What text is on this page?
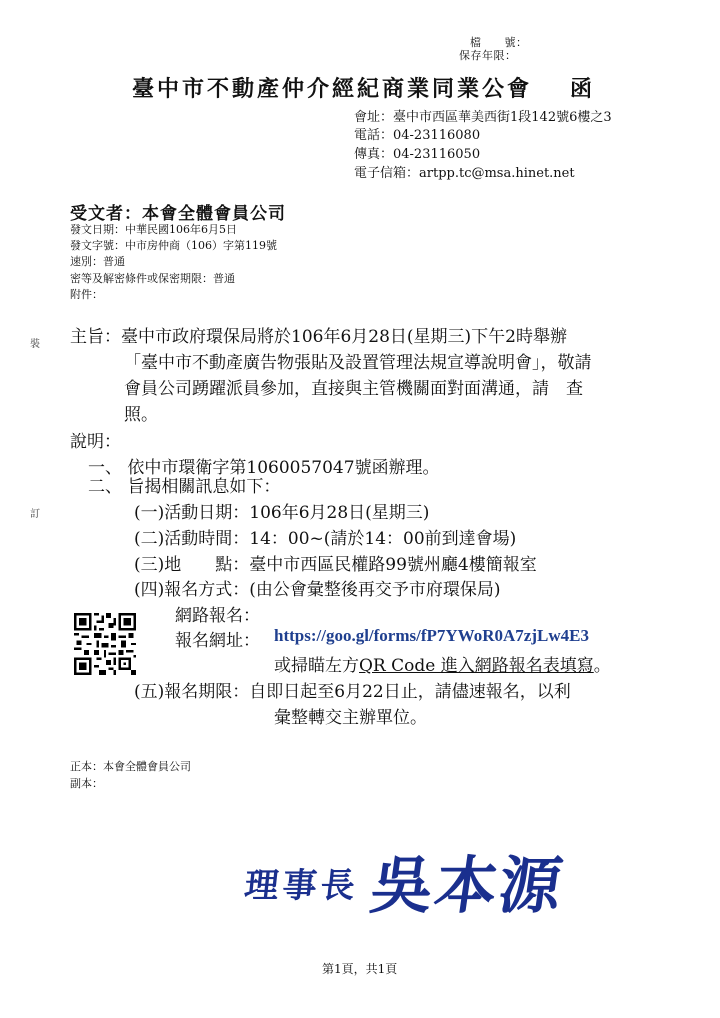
檔　　號：
保存年限：
臺中市不動產仲介經紀商業同業公會 函
會址：臺中市西區華美西街1段142號6樓之3
電話：04-23116080
傳真：04-23116050
電子信箱：artpp.tc@msa.hinet.net
受文者：本會全體會員公司
發文日期：中華民國106年6月5日
發文字號：中市房仲商（106）字第119號
速別：普通
密等及解密條件或保密期限：普通
附件：
裝
訂
主旨：臺中市政府環保局將於106年6月28日(星期三)下午2時舉辦
「臺中市不動產廣告物張貼及設置管理法規宣導說明會」，敬請
會員公司踴躍派員參加，直接與主管機關面對面溝通，請　查
照。
說明：
一、 依中市環衛字第1060057047號函辦理。
二、 旨揭相關訊息如下：
(一)活動日期：106年6月28日(星期三)
(二)活動時間：14：00~(請於14：00前到達會場)
(三)地　　點：臺中市西區民權路99號州廳4樓簡報室
(四)報名方式：(由公會彙整後再交予市府環保局)
網路報名：
報名網址： https://goo.gl/forms/fP7YWoR0A7zjLw4E3
或掃瞄左方QR Code 進入網路報名表填寫。
(五)報名期限：自即日起至6月22日止，請儘速報名，以利
彙整轉交主辦單位。
正本：本會全體會員公司
副本：
理事長 吳本源
第1頁，共1頁
